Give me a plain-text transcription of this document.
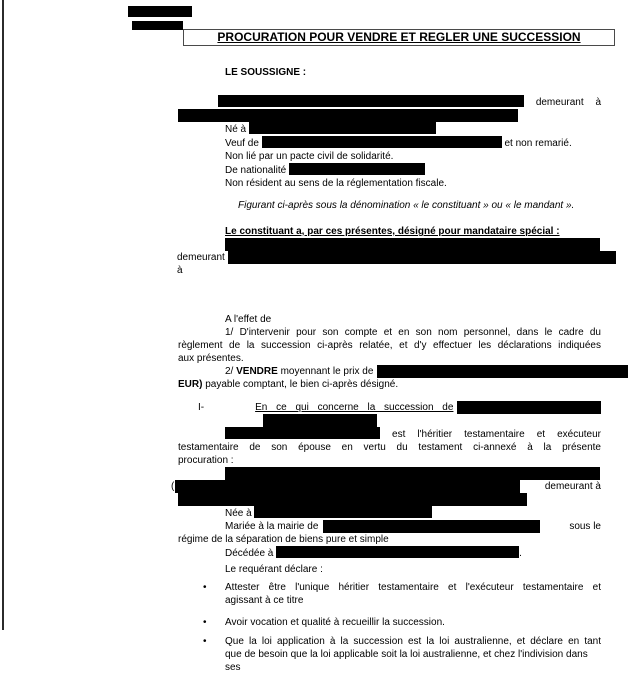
PROCURATION POUR VENDRE ET REGLER UNE SUCCESSION
LE SOUSSIGNE :
demeurant à
Né à
Veuf de	et non remarié.
Non lié par un pacte civil de solidarité.
De nationalité
Non résident au sens de la réglementation fiscale.
Figurant ci-après sous la dénomination « le constituant » ou « le mandant ».
Le constituant a, par ces présentes, désigné pour mandataire spécial :
demeurant à
A l'effet de
1/ D'intervenir pour son compte et en son nom personnel, dans le cadre du
règlement de la succession ci-après relatée, et d'y effectuer les déclarations indiquées
aux présentes.
2/ VENDRE moyennant le prix de
EUR) payable comptant, le bien ci-après désigné.
I-	En ce qui concerne la succession de
est l'héritier testamentaire et exécuteur
testamentaire de son épouse en vertu du testament ci-annexé à la présente
procuration :
(	demeurant à
Née à
Mariée à la mairie de	sous le
régime de la séparation de biens pure et simple
Décédée à	.
Le requérant déclare :
•	Attester être l'unique héritier testamentaire et l'exécuteur testamentaire et
agissant à ce titre
•	Avoir vocation et qualité à recueillir la succession.
•	Que la loi application à la succession est la loi australienne, et déclare en tant
que de besoin que la loi applicable soit la loi australienne, et chez l'indivision dans ses
